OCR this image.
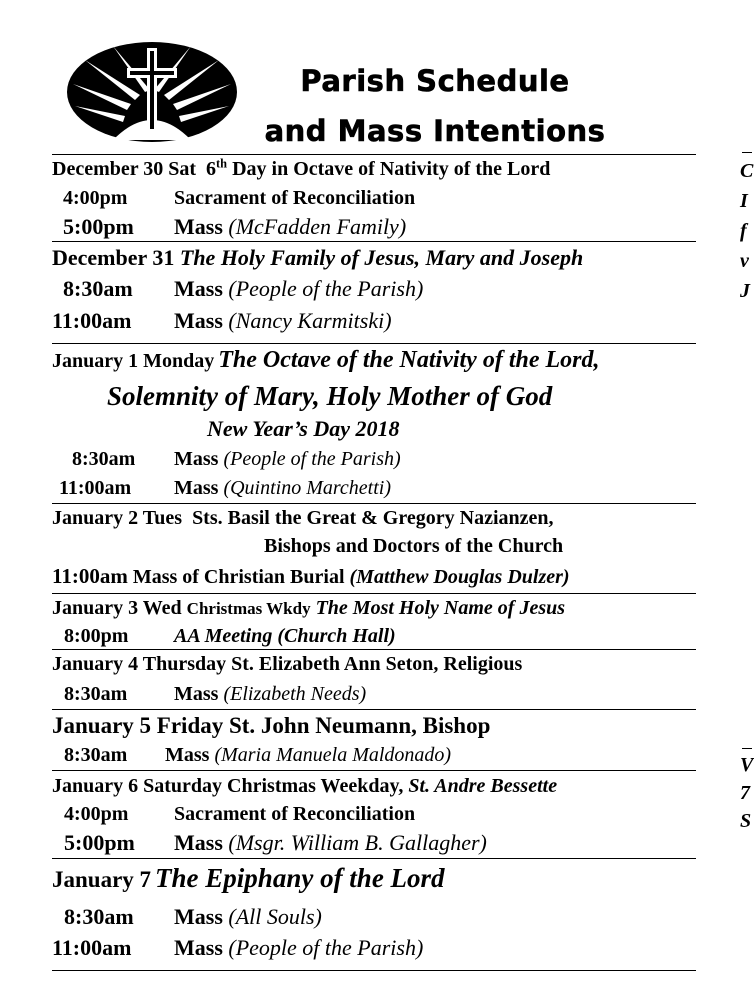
Parish Schedule
and Mass Intentions
December 30 Sat 6th Day in Octave of Nativity of the Lord
4:00pm Sacrament of Reconciliation
5:00pm Mass (McFadden Family)
December 31 The Holy Family of Jesus, Mary and Joseph
8:30am Mass (People of the Parish)
11:00am Mass (Nancy Karmitski)
January 1 Monday The Octave of the Nativity of the Lord,
Solemnity of Mary, Holy Mother of God
New Year’s Day 2018
8:30am Mass (People of the Parish)
11:00am Mass (Quintino Marchetti)
January 2 Tues Sts. Basil the Great & Gregory Nazianzen,
Bishops and Doctors of the Church
11:00am Mass of Christian Burial (Matthew Douglas Dulzer)
January 3 Wed Christmas Wkdy The Most Holy Name of Jesus
8:00pm AA Meeting (Church Hall)
January 4 Thursday St. Elizabeth Ann Seton, Religious
8:30am Mass (Elizabeth Needs)
January 5 Friday St. John Neumann, Bishop
8:30am Mass (Maria Manuela Maldonado)
January 6 Saturday Christmas Weekday, St. Andre Bessette
4:00pm Sacrament of Reconciliation
5:00pm Mass (Msgr. William B. Gallagher)
January 7 The Epiphany of the Lord
8:30am Mass (All Souls)
11:00am Mass (People of the Parish)
C
I
f
v
J
V
7
S
